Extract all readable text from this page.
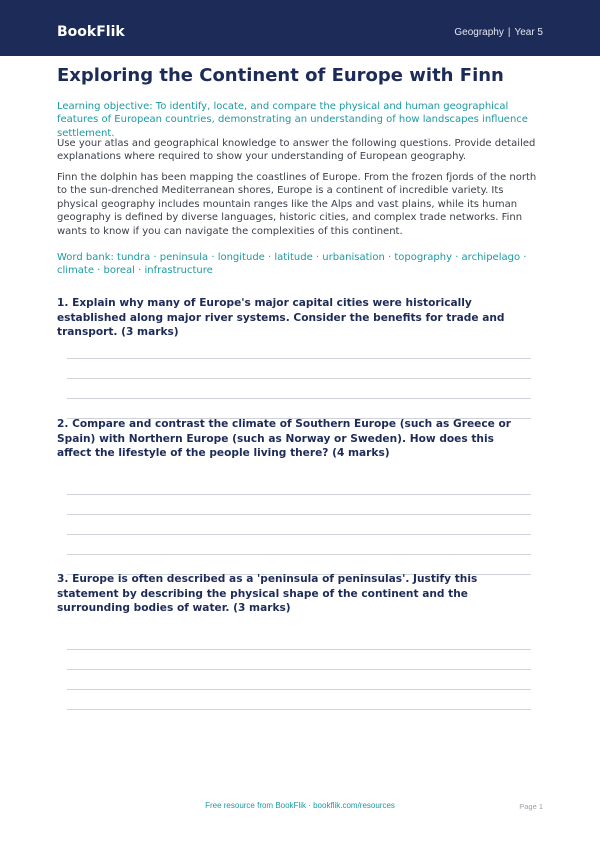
BookFlik	Geography | Year 5
Exploring the Continent of Europe with Finn

Learning objective: To identify, locate, and compare the physical and human geographical features of European countries, demonstrating an understanding of how landscapes influence settlement.

Use your atlas and geographical knowledge to answer the following questions. Provide detailed explanations where required to show your understanding of European geography.

Finn the dolphin has been mapping the coastlines of Europe. From the frozen fjords of the north to the sun-drenched Mediterranean shores, Europe is a continent of incredible variety. Its physical geography includes mountain ranges like the Alps and vast plains, while its human geography is defined by diverse languages, historic cities, and complex trade networks. Finn wants to know if you can navigate the complexities of this continent.

Word bank: tundra · peninsula · longitude · latitude · urbanisation · topography · archipelago · climate · boreal · infrastructure

1. Explain why many of Europe's major capital cities were historically established along major river systems. Consider the benefits for trade and transport. (3 marks)

2. Compare and contrast the climate of Southern Europe (such as Greece or Spain) with Northern Europe (such as Norway or Sweden). How does this affect the lifestyle of the people living there? (4 marks)

3. Europe is often described as a 'peninsula of peninsulas'. Justify this statement by describing the physical shape of the continent and the surrounding bodies of water. (3 marks)

Free resource from BookFlik · bookflik.com/resources	Page 1
